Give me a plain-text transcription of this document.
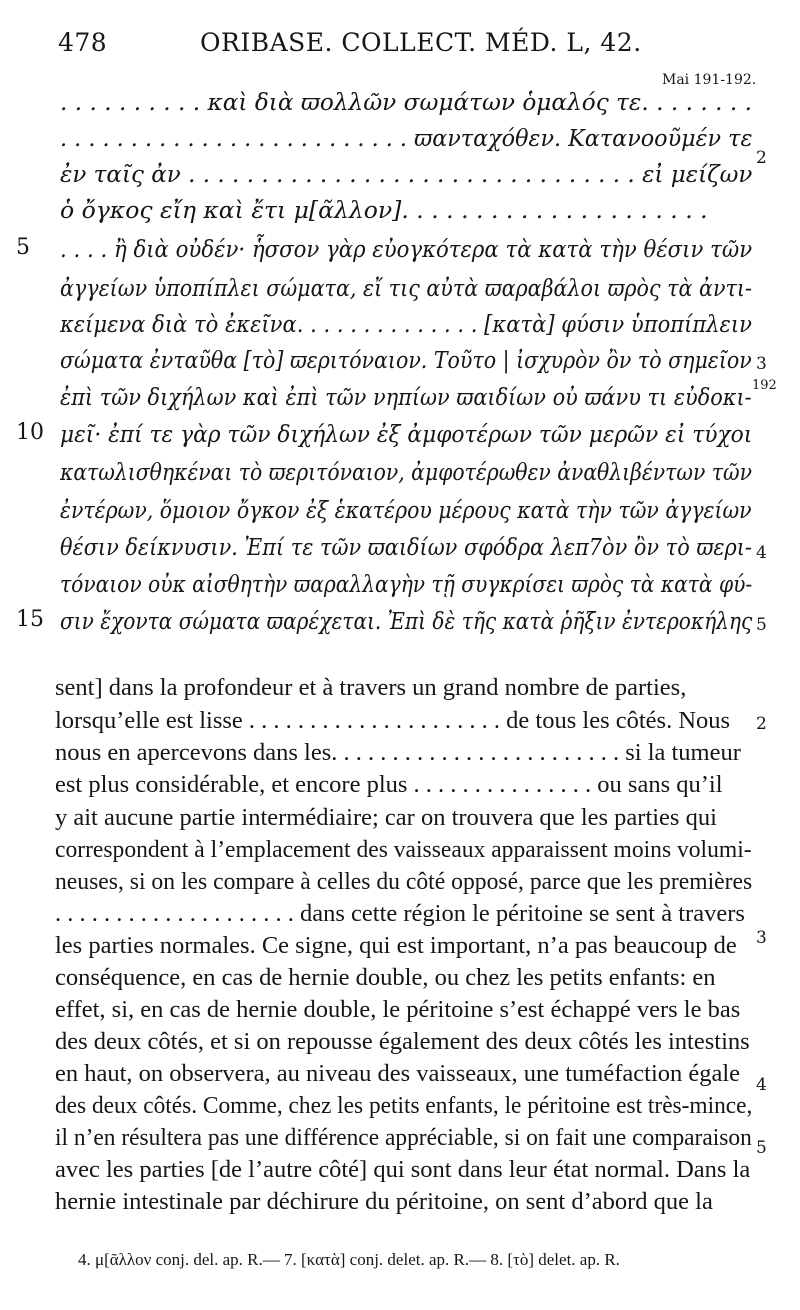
478	ORIBASE. COLLECT. MÉD. L, 42.
Mai 191-192.
. . . . . . . . . . καὶ διὰ ϖολλῶν σωμάτων ὁμαλός τε. . . . . . . .
. . . . . . . . . . . . . . . . . . . . . . . . . ϖανταχόθεν. Κατανοοῦμέν τε
ἐν ταῖς ἀν . . . . . . . . . . . . . . . . . . . . . . . . . . . . . . . εἰ μείζων
ὁ ὄγκος εἴη καὶ ἔτι μ[ᾶλλον]. . . . . . . . . . . . . . . . . . . . .
. . . . ἢ διὰ οὐδέν· ἧσσον γὰρ εὐογκότερα τὰ κατὰ τὴν θέσιν τῶν
ἀγγείων ὑποπίπλει σώματα, εἴ τις αὐτὰ ϖαραβάλοι ϖρὸς τὰ ἀντι-
κείμενα διὰ τὸ ἐκεῖνα. . . . . . . . . . . . . . [κατὰ] φύσιν ὑποπίπλειν
σώματα ἐνταῦθα [τὸ] ϖεριτόναιον. Τοῦτο | ἰσχυρὸν ὂν τὸ σημεῖον
ἐπὶ τῶν διχήλων καὶ ἐπὶ τῶν νηπίων ϖαιδίων οὐ ϖάνυ τι εὐδοκι-
μεῖ· ἐπί τε γὰρ τῶν διχήλων ἐξ ἀμφοτέρων τῶν μερῶν εἰ τύχοι
κατωλισθηκέναι τὸ ϖεριτόναιον, ἀμφοτέρωθεν ἀναθλιβέντων τῶν
ἐντέρων, ὅμοιον ὄγκον ἐξ ἑκατέρου μέρους κατὰ τὴν τῶν ἀγγείων
θέσιν δείκνυσιν. Ἐπί τε τῶν ϖαιδίων σφόδρα λεπ7ὸν ὂν τὸ ϖερι-
τόναιον οὐκ αἰσθητὴν ϖαραλλαγὴν τῇ συγκρίσει ϖρὸς τὰ κατὰ φύ-
σιν ἔχοντα σώματα ϖαρέχεται. Ἐπὶ δὲ τῆς κατὰ ῥῆξιν ἐντεροκήλης
5
10
15
2
3
192
4
5
sent] dans la profondeur et à travers un grand nombre de parties,
lorsqu’elle est lisse . . . . . . . . . . . . . . . . . . . . . de tous les côtés. Nous
nous en apercevons dans les. . . . . . . . . . . . . . . . . . . . . . . . si la tumeur
est plus considérable, et encore plus . . . . . . . . . . . . . . . ou sans qu’il
y ait aucune partie intermédiaire; car on trouvera que les parties qui
correspondent à l’emplacement des vaisseaux apparaissent moins volumi-
neuses, si on les compare à celles du côté opposé, parce que les premières
. . . . . . . . . . . . . . . . . . . . dans cette région le péritoine se sent à travers
les parties normales. Ce signe, qui est important, n’a pas beaucoup de
conséquence, en cas de hernie double, ou chez les petits enfants: en
effet, si, en cas de hernie double, le péritoine s’est échappé vers le bas
des deux côtés, et si on repousse également des deux côtés les intestins
en haut, on observera, au niveau des vaisseaux, une tuméfaction égale
des deux côtés. Comme, chez les petits enfants, le péritoine est très-mince,
il n’en résultera pas une différence appréciable, si on fait une comparaison
avec les parties [de l’autre côté] qui sont dans leur état normal. Dans la
hernie intestinale par déchirure du péritoine, on sent d’abord que la
2
3
4
5
4. μ[ᾶλλον conj. del. ap. R.— 7. [κατὰ] conj. delet. ap. R.— 8. [τὸ] delet. ap. R.
